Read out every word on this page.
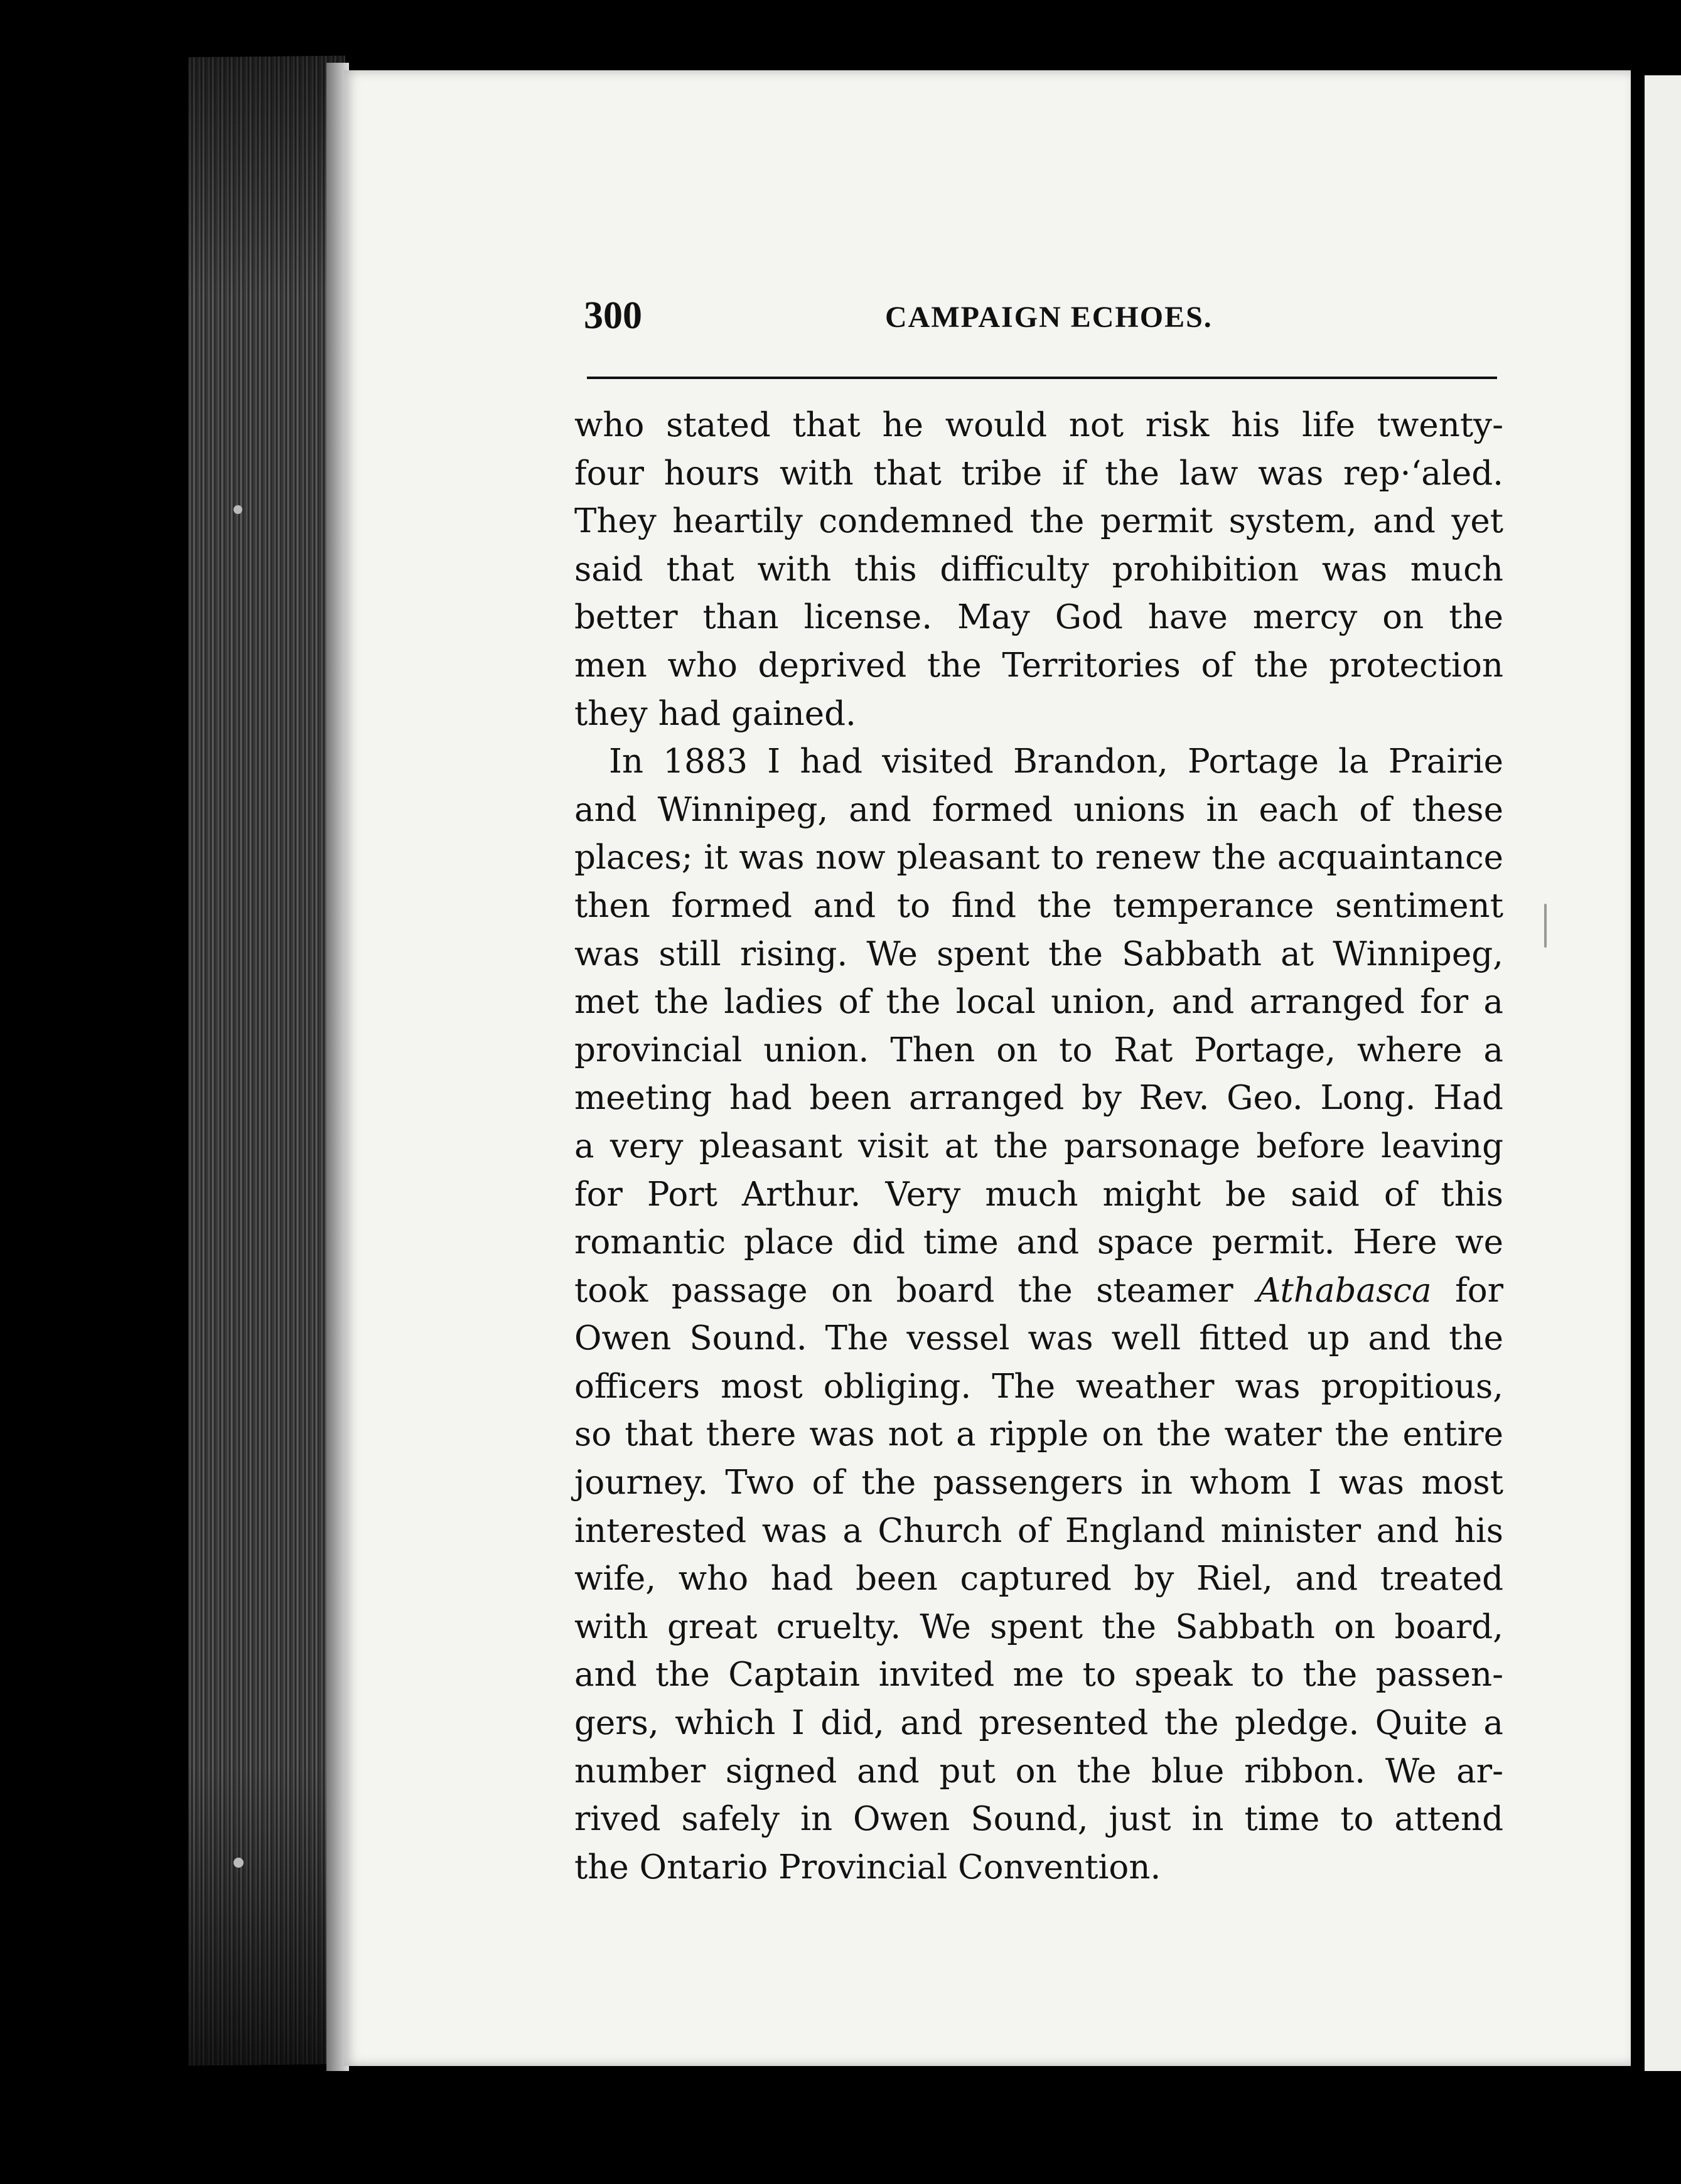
300	CAMPAIGN ECHOES.
who stated that he would not risk his life twenty-
four hours with that tribe if the law was rep·‘aled.
They heartily condemned the permit system, and yet
said that with this difficulty prohibition was much
better than license. May God have mercy on the
men who deprived the Territories of the protection
they had gained.
In 1883 I had visited Brandon, Portage la Prairie
and Winnipeg, and formed unions in each of these
places; it was now pleasant to renew the acquaintance
then formed and to find the temperance sentiment
was still rising. We spent the Sabbath at Winnipeg,
met the ladies of the local union, and arranged for a
provincial union. Then on to Rat Portage, where a
meeting had been arranged by Rev. Geo. Long. Had
a very pleasant visit at the parsonage before leaving
for Port Arthur. Very much might be said of this
romantic place did time and space permit. Here we
took passage on board the steamer Athabasca for
Owen Sound. The vessel was well fitted up and the
officers most obliging. The weather was propitious,
so that there was not a ripple on the water the entire
journey. Two of the passengers in whom I was most
interested was a Church of England minister and his
wife, who had been captured by Riel, and treated
with great cruelty. We spent the Sabbath on board,
and the Captain invited me to speak to the passen-
gers, which I did, and presented the pledge. Quite a
number signed and put on the blue ribbon. We ar-
rived safely in Owen Sound, just in time to attend
the Ontario Provincial Convention.
